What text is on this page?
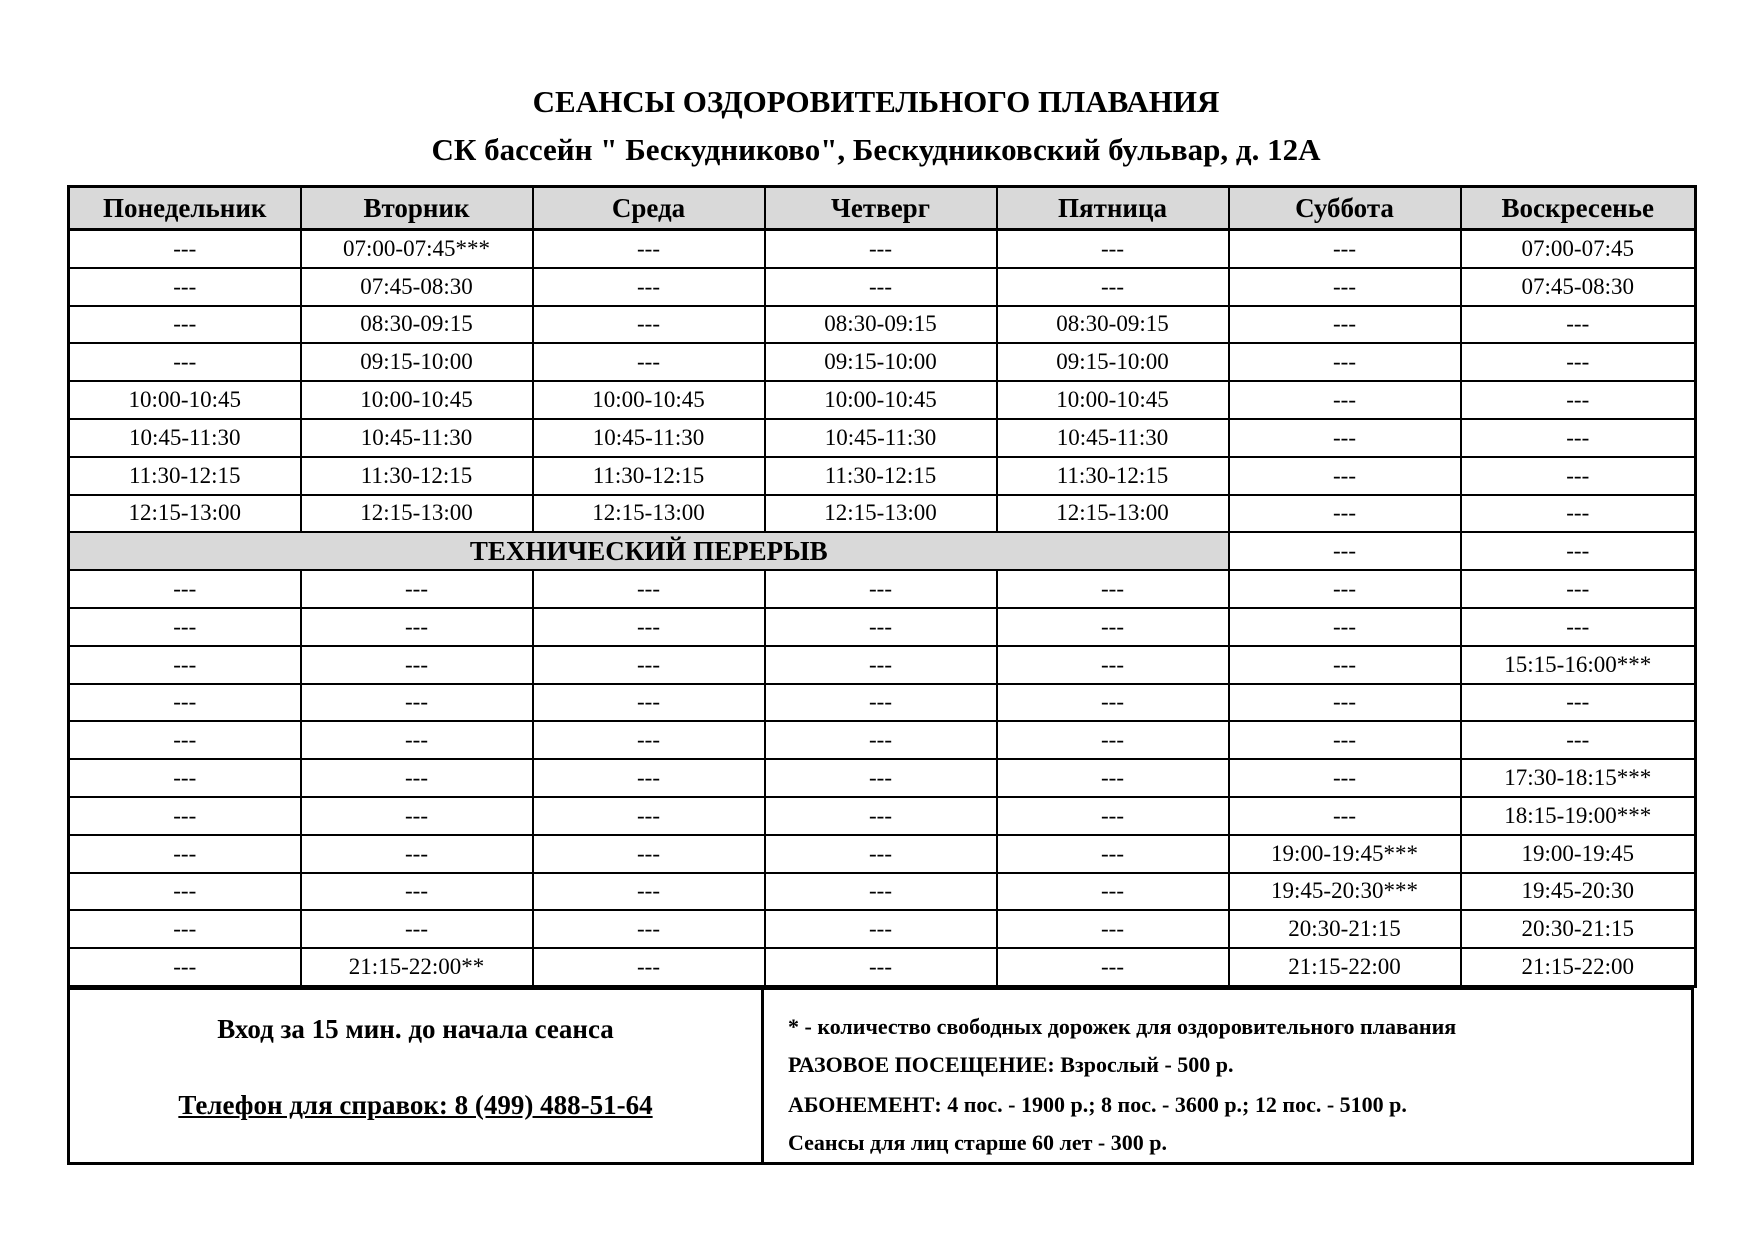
СЕАНСЫ ОЗДОРОВИТЕЛЬНОГО ПЛАВАНИЯ
СК бассейн " Бескудниково", Бескудниковский бульвар, д. 12А
Понедельник	Вторник	Среда	Четверг	Пятница	Суббота	Воскресенье
---	07:00-07:45***	---	---	---	---	07:00-07:45
---	07:45-08:30	---	---	---	---	07:45-08:30
---	08:30-09:15	---	08:30-09:15	08:30-09:15	---	---
---	09:15-10:00	---	09:15-10:00	09:15-10:00	---	---
10:00-10:45	10:00-10:45	10:00-10:45	10:00-10:45	10:00-10:45	---	---
10:45-11:30	10:45-11:30	10:45-11:30	10:45-11:30	10:45-11:30	---	---
11:30-12:15	11:30-12:15	11:30-12:15	11:30-12:15	11:30-12:15	---	---
12:15-13:00	12:15-13:00	12:15-13:00	12:15-13:00	12:15-13:00	---	---
ТЕХНИЧЕСКИЙ ПЕРЕРЫВ					---	---
---	---	---	---	---	---	---
---	---	---	---	---	---	---
---	---	---	---	---	---	15:15-16:00***
---	---	---	---	---	---	---
---	---	---	---	---	---	---
---	---	---	---	---	---	17:30-18:15***
---	---	---	---	---	---	18:15-19:00***
---	---	---	---	---	19:00-19:45***	19:00-19:45
---	---	---	---	---	19:45-20:30***	19:45-20:30
---	---	---	---	---	20:30-21:15	20:30-21:15
---	21:15-22:00**	---	---	---	21:15-22:00	21:15-22:00
Вход за 15 мин. до начала сеанса
Телефон для справок: 8 (499) 488-51-64
* - количество свободных дорожек для оздоровительного плавания
РАЗОВОЕ ПОСЕЩЕНИЕ: Взрослый - 500 р.
АБОНЕМЕНТ: 4 пос. - 1900 р.; 8 пос. - 3600 р.; 12 пос. - 5100 р.
Сеансы для лиц старше 60 лет - 300 р.
